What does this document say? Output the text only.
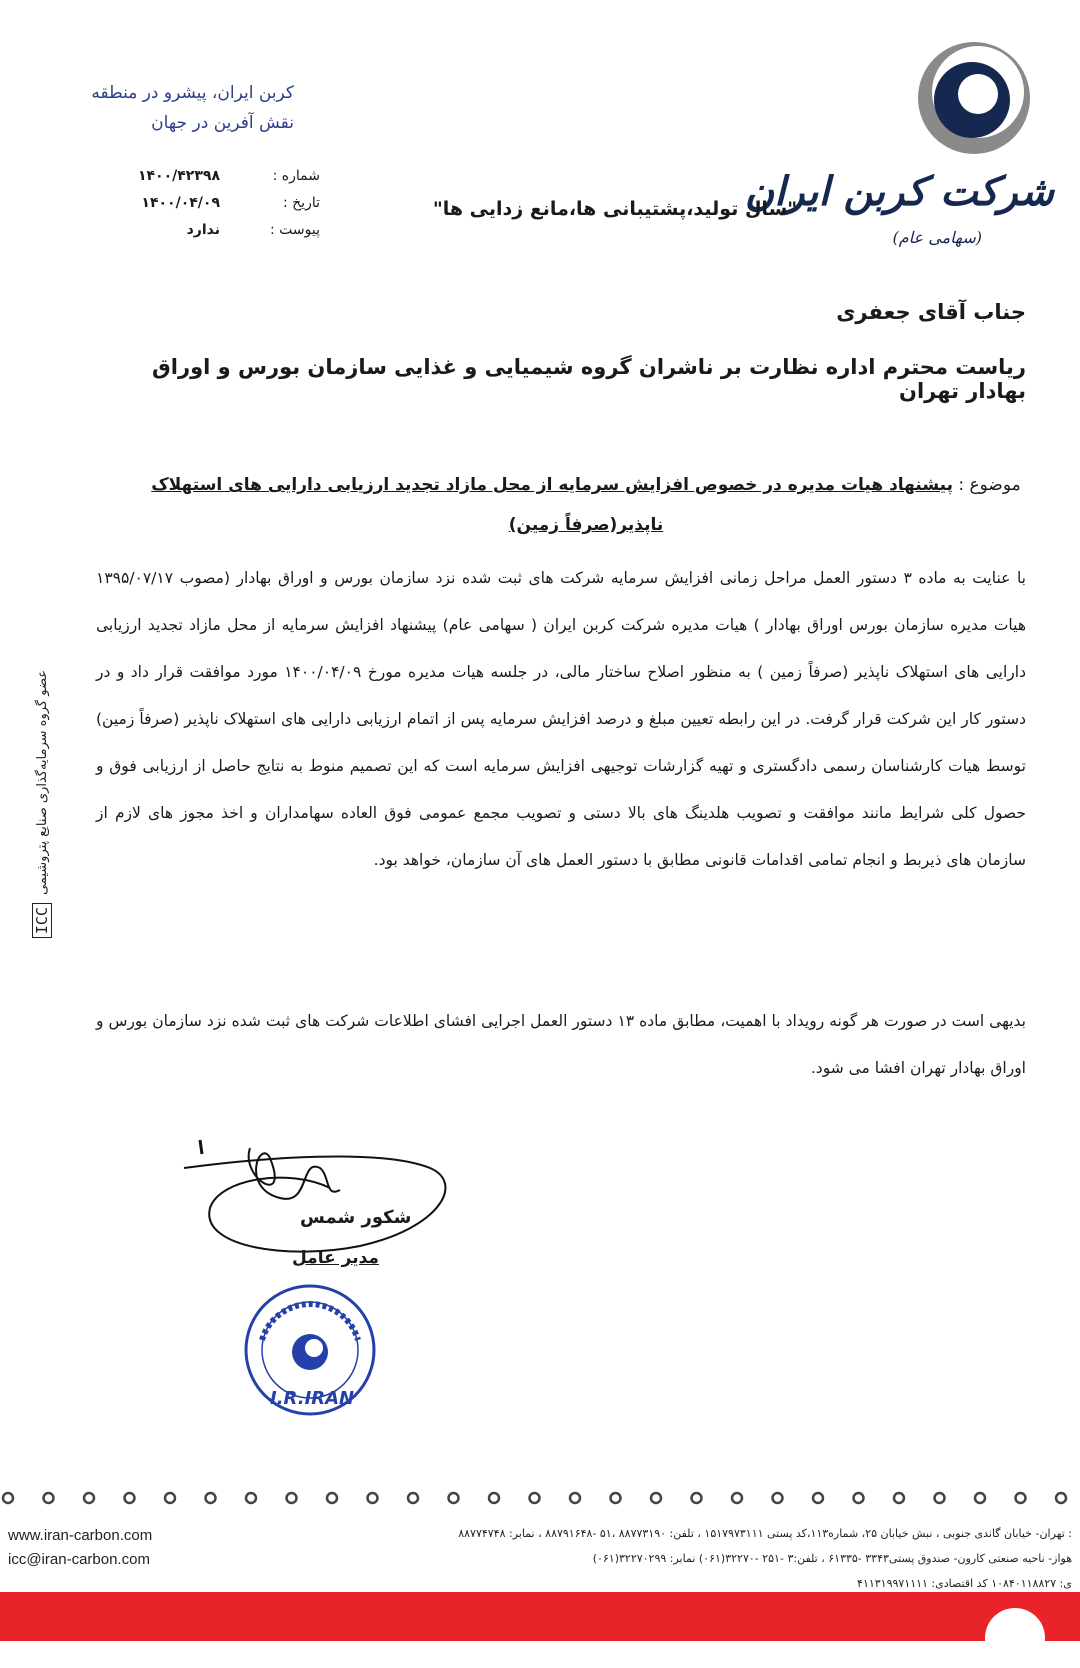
شرکت کربن ایران
(سهامی عام)
کربن ایران، پیشرو در منطقه
نقش آفرین در جهان
شماره :
۱۴۰۰/۴۲۳۹۸
تاریخ :
۱۴۰۰/۰۴/۰۹
پیوست :
ندارد
"سال تولید،پشتیبانی ها،مانع زدایی ها"
عضو گروه سرمایه‌گذاری صنایع پتروشیمی
ICC
جناب آقای جعفری
ریاست محترم اداره نظارت بر ناشران گروه شیمیایی و غذایی سازمان بورس و اوراق بهادار تهران
موضوع : پیشنهاد هیات مدیره در خصوص افزایش سرمایه از محل مازاد تجدید ارزیابی دارایی های استهلاک ناپذیر(صرفاً زمین)
با عنایت به ماده ۳ دستور العمل مراحل زمانی افزایش سرمایه شرکت های ثبت شده نزد سازمان بورس و اوراق بهادار (مصوب ۱۳۹۵/۰۷/۱۷ هیات مدیره سازمان بورس اوراق بهادار ) هیات مدیره شرکت کربن ایران ( سهامی عام) پیشنهاد افزایش سرمایه از محل مازاد تجدید ارزیابی دارایی های استهلاک ناپذیر (صرفاً زمین ) به منظور اصلاح ساختار مالی، در جلسه هیات مدیره مورخ ۱۴۰۰/۰۴/۰۹ مورد موافقت قرار داد و در دستور کار این شرکت قرار گرفت. در این رابطه تعیین مبلغ و درصد افزایش سرمایه پس از اتمام ارزیابی دارایی های استهلاک ناپذیر (صرفاً زمین) توسط هیات کارشناسان رسمی دادگستری و تهیه گزارشات توجیهی افزایش سرمایه است که این تصمیم منوط به نتایج حاصل از ارزیابی فوق و حصول کلی شرایط مانند موافقت و تصویب هلدینگ های بالا دستی و تصویب مجمع عمومی فوق العاده سهامداران و اخذ مجوز های لازم از سازمان های ذیربط و انجام تمامی اقدامات قانونی مطابق با دستور العمل های آن سازمان، خواهد بود.
بدیهی است در صورت هر گونه رویداد با اهمیت، مطابق ماده ۱۳ دستور العمل اجرایی افشای اطلاعات شرکت های ثبت شده نزد سازمان بورس و اوراق بهادار تهران افشا می شود.
شکور شمس
مدیر عامل
I.R.IRAN
www.iran-carbon.com
icc@iran-carbon.com
: تهران- خیابان گاندی جنوبی ، نبش خیابان ۲۵، شماره۱۱۳،کد پستی ۱۵۱۷۹۷۳۱۱۱ ، تلفن: ۸۸۷۷۳۱۹۰ ،۵۱ -۸۸۷۹۱۶۴۸ ، نمابر: ۸۸۷۷۴۷۴۸
هواز- ناحیه صنعتی کارون- صندوق پستی۳۳۴۳ -۶۱۳۳۵ ، تلفن:۳ -۲۵۱ -۳۲۲۷۰(۰۶۱) نمابر: ۳۲۲۷۰۲۹۹(۰۶۱)
ی: ۱۰۸۴۰۱۱۸۸۲۷ کد اقتصادی: ۴۱۱۳۱۹۹۷۱۱۱۱
